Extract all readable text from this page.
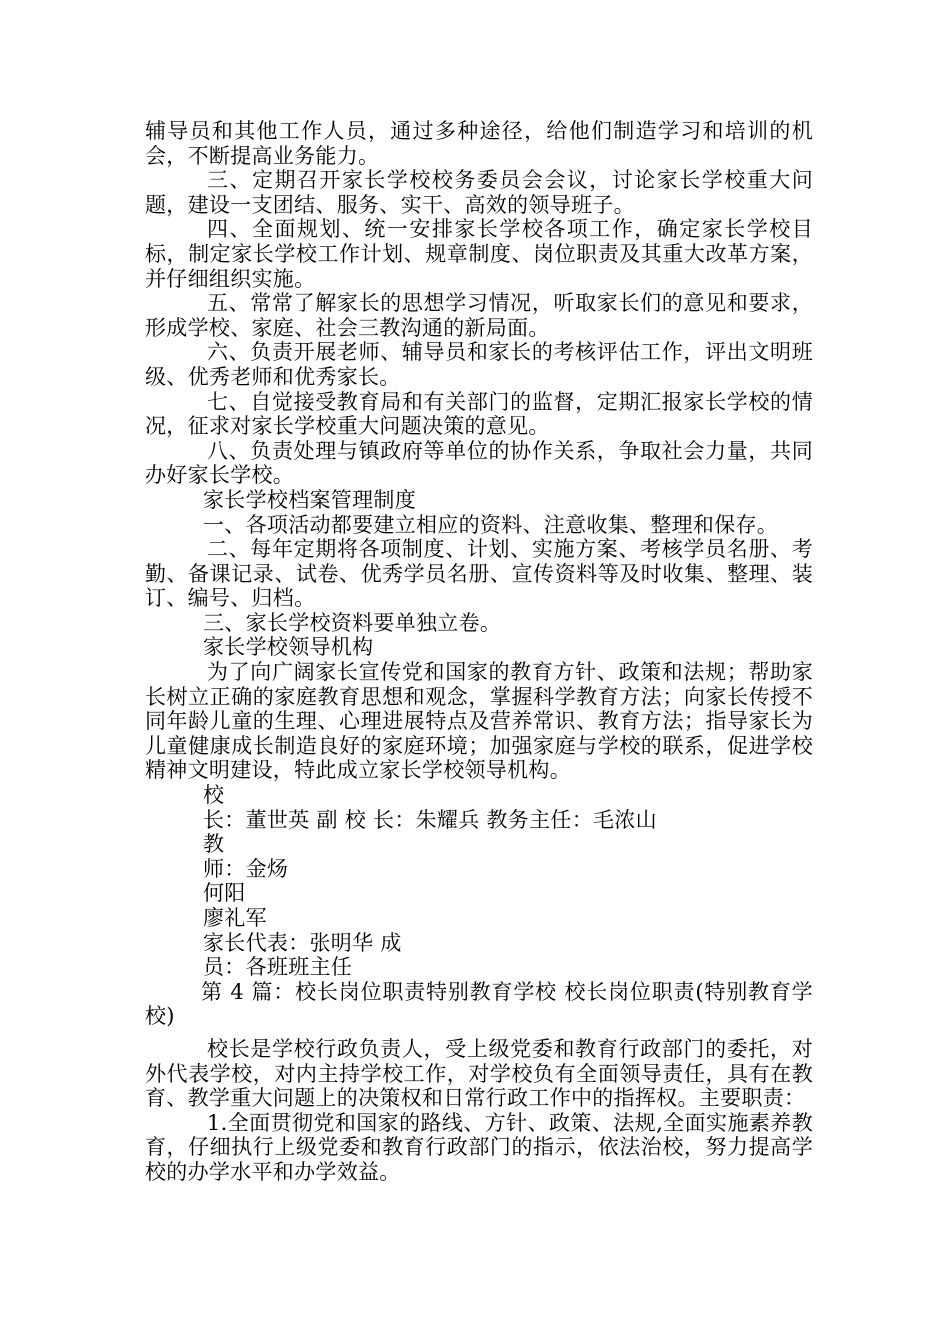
辅导员和其他工作人员，通过多种途径，给他们制造学习和培训的机会，不断提高业务能力。

三、定期召开家长学校校务委员会会议，讨论家长学校重大问题，建设一支团结、服务、实干、高效的领导班子。

四、全面规划、统一安排家长学校各项工作，确定家长学校目标，制定家长学校工作计划、规章制度、岗位职责及其重大改革方案，并仔细组织实施。

五、常常了解家长的思想学习情况，听取家长们的意见和要求，形成学校、家庭、社会三教沟通的新局面。

六、负责开展老师、辅导员和家长的考核评估工作，评出文明班级、优秀老师和优秀家长。

七、自觉接受教育局和有关部门的监督，定期汇报家长学校的情况，征求对家长学校重大问题决策的意见。

八、负责处理与镇政府等单位的协作关系，争取社会力量，共同办好家长学校。

家长学校档案管理制度

一、各项活动都要建立相应的资料、注意收集、整理和保存。

二、每年定期将各项制度、计划、实施方案、考核学员名册、考勤、备课记录、试卷、优秀学员名册、宣传资料等及时收集、整理、装订、编号、归档。

三、家长学校资料要单独立卷。

家长学校领导机构

为了向广阔家长宣传党和国家的教育方针、政策和法规；帮助家长树立正确的家庭教育思想和观念，掌握科学教育方法；向家长传授不同年龄儿童的生理、心理进展特点及营养常识、教育方法；指导家长为儿童健康成长制造良好的家庭环境；加强家庭与学校的联系，促进学校精神文明建设，特此成立家长学校领导机构。

校

长：董世英 副 校 长：朱耀兵 教务主任：毛浓山

教

师：金炀

何阳

廖礼军

家长代表：张明华 成

员：各班班主任

第 4 篇：校长岗位职责特别教育学校 校长岗位职责(特别教育学校)

校长是学校行政负责人，受上级党委和教育行政部门的委托，对外代表学校，对内主持学校工作，对学校负有全面领导责任，具有在教育、教学重大问题上的决策权和日常行政工作中的指挥权。主要职责：

1.全面贯彻党和国家的路线、方针、政策、法规,全面实施素养教育，仔细执行上级党委和教育行政部门的指示，依法治校，努力提高学校的办学水平和办学效益。
